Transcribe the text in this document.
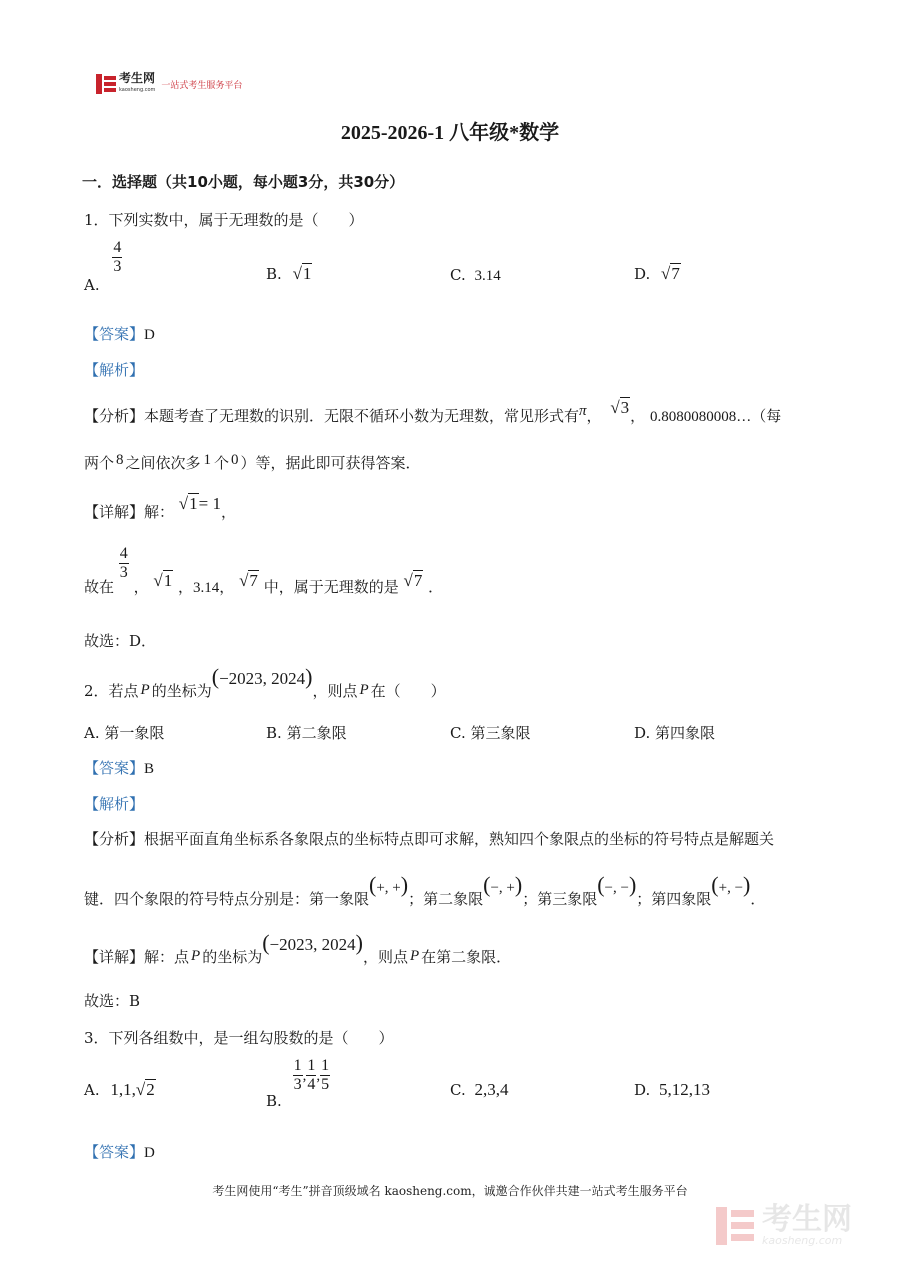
考生网
kaosheng.com 一站式考生服务平台
2025-2026-1 八年级*数学
一．选择题（共10小题，每小题3分，共30分）
1．下列实数中，属于无理数的是（　　）
A.
$\frac{4}{3}$	B. √1	C. 3.14	D. √7
【答案】D
【解析】
【分析】本题考查了无理数的识别．无限不循环小数为无理数，常见形式有π， √3， 0.8080080008…（每
两个 8 之间依次多 1 个 0 ）等，据此即可获得答案．
【详解】解： √1= 1，
故在
$\frac{4}{3}$
， √1 ，3.14， √7 中，属于无理数的是 √7 ．
故选：D．
2．若点 P 的坐标为(−2023, 2024)，则点 P 在（　　）
A. 第一象限	B. 第二象限	C. 第三象限	D. 第四象限
【答案】B
【解析】
【分析】根据平面直角坐标系各象限点的坐标特点即可求解，熟知四个象限点的坐标的符号特点是解题关
键．四个象限的符号特点分别是：第一象限(+, +)；第二象限(−, +)；第三象限(−, −)；第四象限(+, −)．
【详解】解：点 P 的坐标为(−2023, 2024)，则点 P 在第二象限．
故选：B
3．下列各组数中，是一组勾股数的是（　　）
A. 1,1,√2
B.
$\frac{1}{3}$ , $\frac{1}{4}$ , $\frac{1}{5}$	C. 2,3,4	D. 5,12,13
【答案】D
考生网使用“考生”拼音顶级域名 kaosheng.com，诚邀合作伙伴共建一站式考生服务平台
考生网
kaosheng.com
